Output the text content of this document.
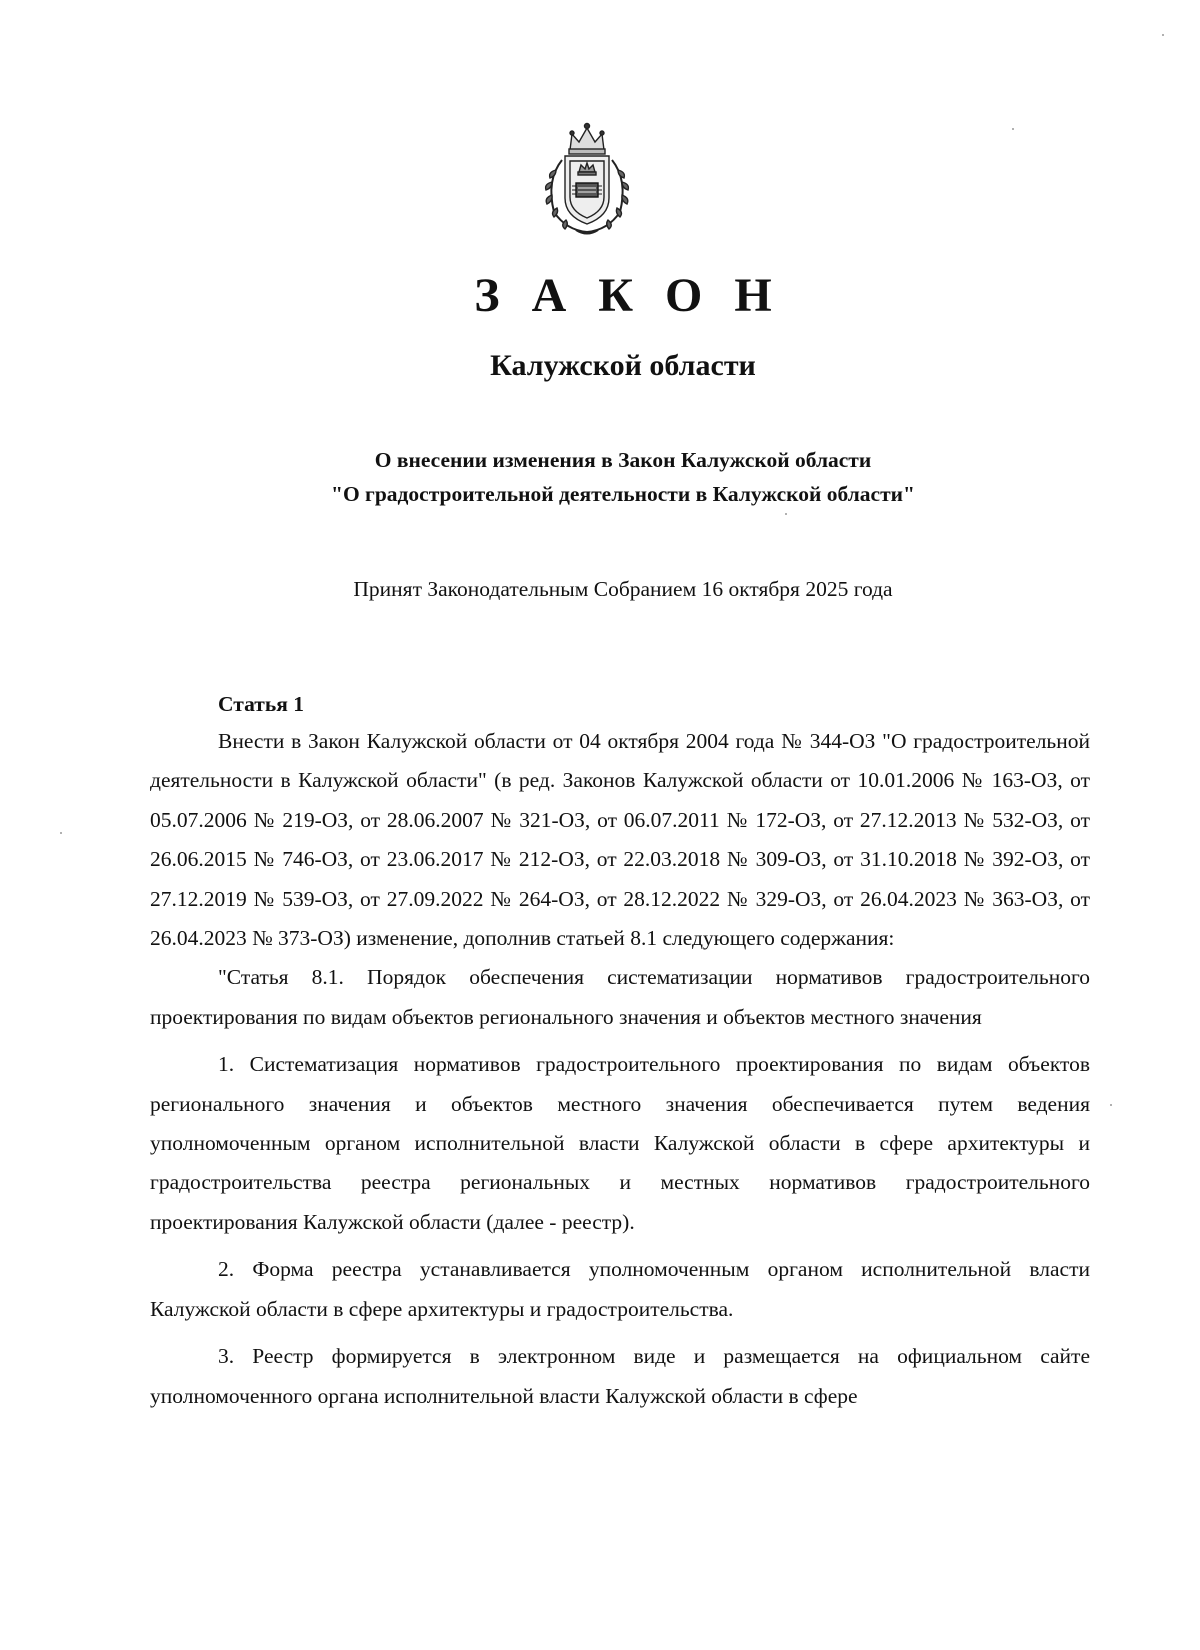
З А К О Н
Калужской области
О внесении изменения в Закон Калужской области
"О градостроительной деятельности в Калужской области"
Принят Законодательным Собранием 16 октября 2025 года
Статья 1

Внести в Закон Калужской области от 04 октября 2004 года № 344-ОЗ "О градостроительной деятельности в Калужской области" (в ред. Законов Калужской области от 10.01.2006 № 163-ОЗ, от 05.07.2006 № 219-ОЗ, от 28.06.2007 № 321-ОЗ, от 06.07.2011 № 172-ОЗ, от 27.12.2013 № 532-ОЗ, от 26.06.2015 № 746-ОЗ, от 23.06.2017 № 212-ОЗ, от 22.03.2018 № 309-ОЗ, от 31.10.2018 № 392-ОЗ, от 27.12.2019 № 539-ОЗ, от 27.09.2022 № 264-ОЗ, от 28.12.2022 № 329-ОЗ, от 26.04.2023 № 363-ОЗ, от 26.04.2023 № 373-ОЗ) изменение, дополнив статьей 8.1 следующего содержания:

"Статья 8.1. Порядок обеспечения систематизации нормативов градостроительного проектирования по видам объектов регионального значения и объектов местного значения

1. Систематизация нормативов градостроительного проектирования по видам объектов регионального значения и объектов местного значения обеспечивается путем ведения уполномоченным органом исполнительной власти Калужской области в сфере архитектуры и градостроительства реестра региональных и местных нормативов градостроительного проектирования Калужской области (далее - реестр).

2. Форма реестра устанавливается уполномоченным органом исполнительной власти Калужской области в сфере архитектуры и градостроительства.

3. Реестр формируется в электронном виде и размещается на официальном сайте уполномоченного органа исполнительной власти Калужской области в сфере
